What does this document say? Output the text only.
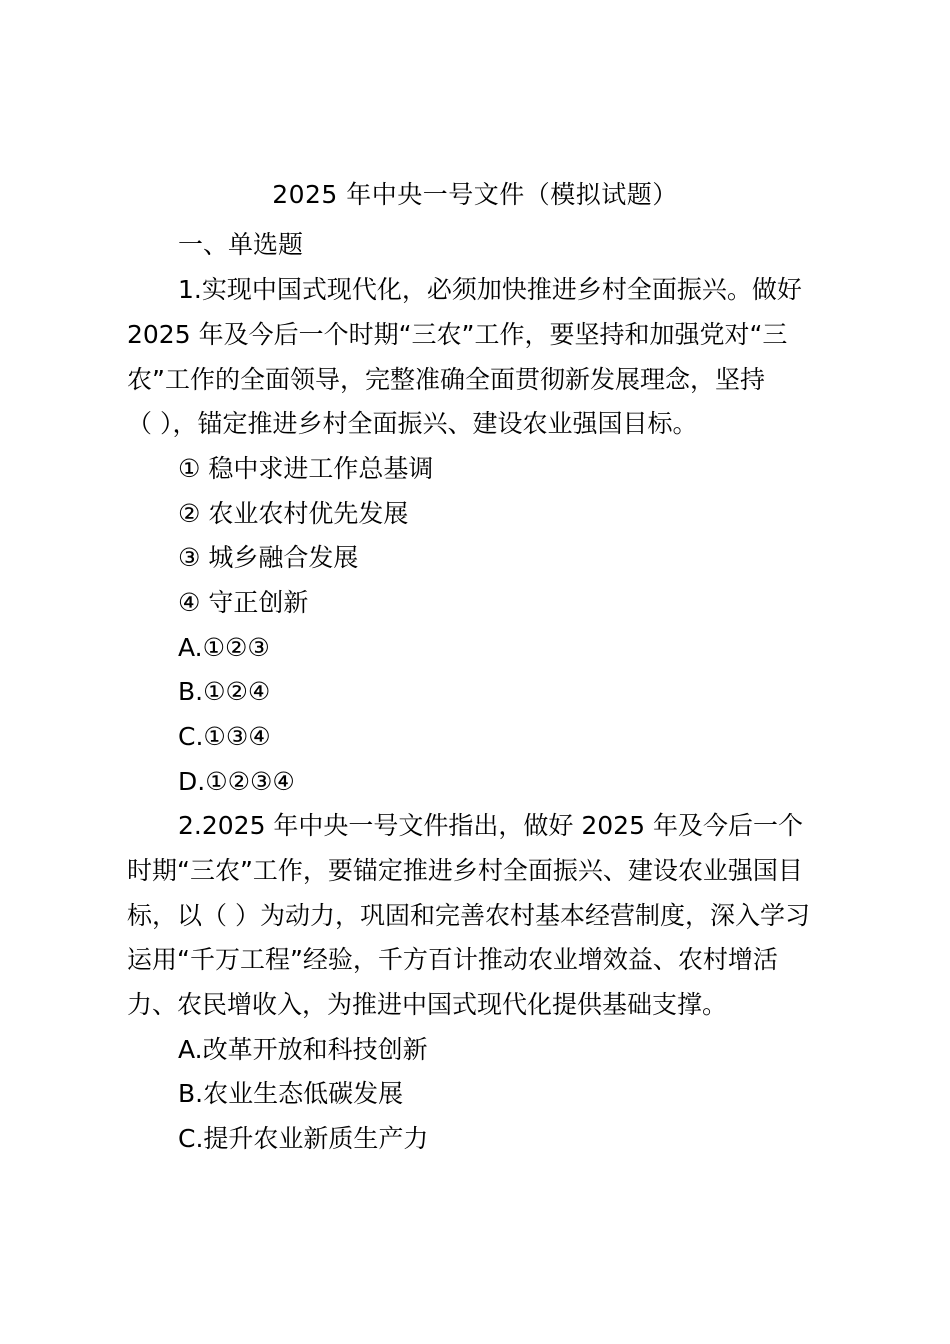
2025 年中央一号文件（模拟试题）
一、单选题
1.实现中国式现代化，必须加快推进乡村全面振兴。做好
2025 年及今后一个时期“三农”工作，要坚持和加强党对“三
农”工作的全面领导，完整准确全面贯彻新发展理念，坚持
（ ），锚定推进乡村全面振兴、建设农业强国目标。
① 稳中求进工作总基调
② 农业农村优先发展
③ 城乡融合发展
④ 守正创新
A.①②③
B.①②④
C.①③④
D.①②③④
2.2025 年中央一号文件指出，做好 2025 年及今后一个
时期“三农”工作，要锚定推进乡村全面振兴、建设农业强国目
标，以（ ）为动力，巩固和完善农村基本经营制度，深入学习
运用“千万工程”经验，千方百计推动农业增效益、农村增活
力、农民增收入，为推进中国式现代化提供基础支撑。
A.改革开放和科技创新
B.农业生态低碳发展
C.提升农业新质生产力
